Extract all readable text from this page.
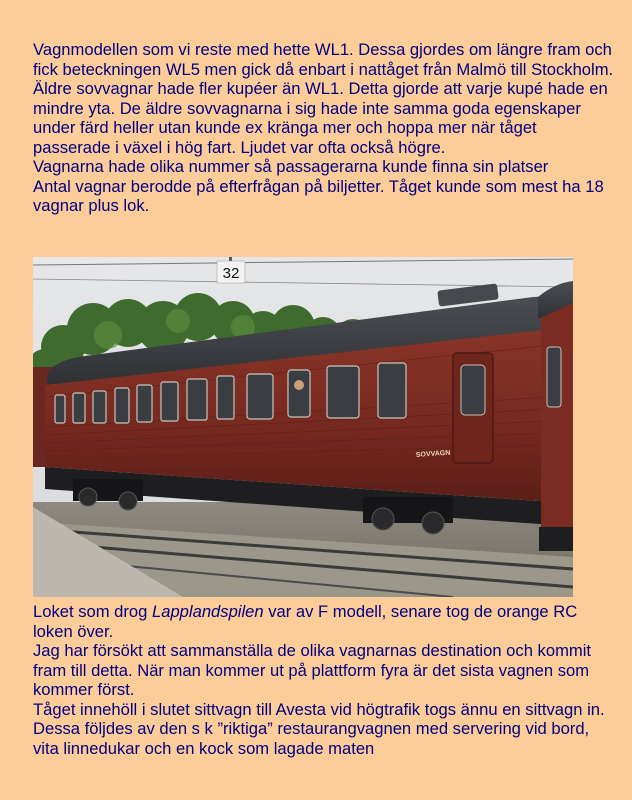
Vagnmodellen som vi reste med hette WL1. Dessa gjordes om längre fram och fick beteckningen WL5 men gick då enbart i nattåget från Malmö till Stockholm.

Äldre sovvagnar hade fler kupéer än WL1. Detta gjorde att varje kupé hade en mindre yta. De äldre sovvagnarna i sig hade inte samma goda egenskaper under färd heller utan kunde ex kränga mer och hoppa mer när tåget passerade i växel i hög fart. Ljudet var ofta också högre.

Vagnarna hade olika nummer så passagerarna kunde finna sin platser

Antal vagnar berodde på efterfrågan på biljetter. Tåget kunde som mest ha 18 vagnar plus lok.

32
SOVVAGN

Loket som drog Lapplandspilen var av F modell, senare tog de orange RC loken över.

Jag har försökt att sammanställa de olika vagnarnas destination och kommit fram till detta. När man kommer ut på plattform fyra är det sista vagnen som kommer först.

Tåget innehöll i slutet sittvagn till Avesta vid högtrafik togs ännu en sittvagn in. Dessa följdes av den s k ”riktiga” restaurangvagnen med servering vid bord, vita linnedukar och en kock som lagade maten
